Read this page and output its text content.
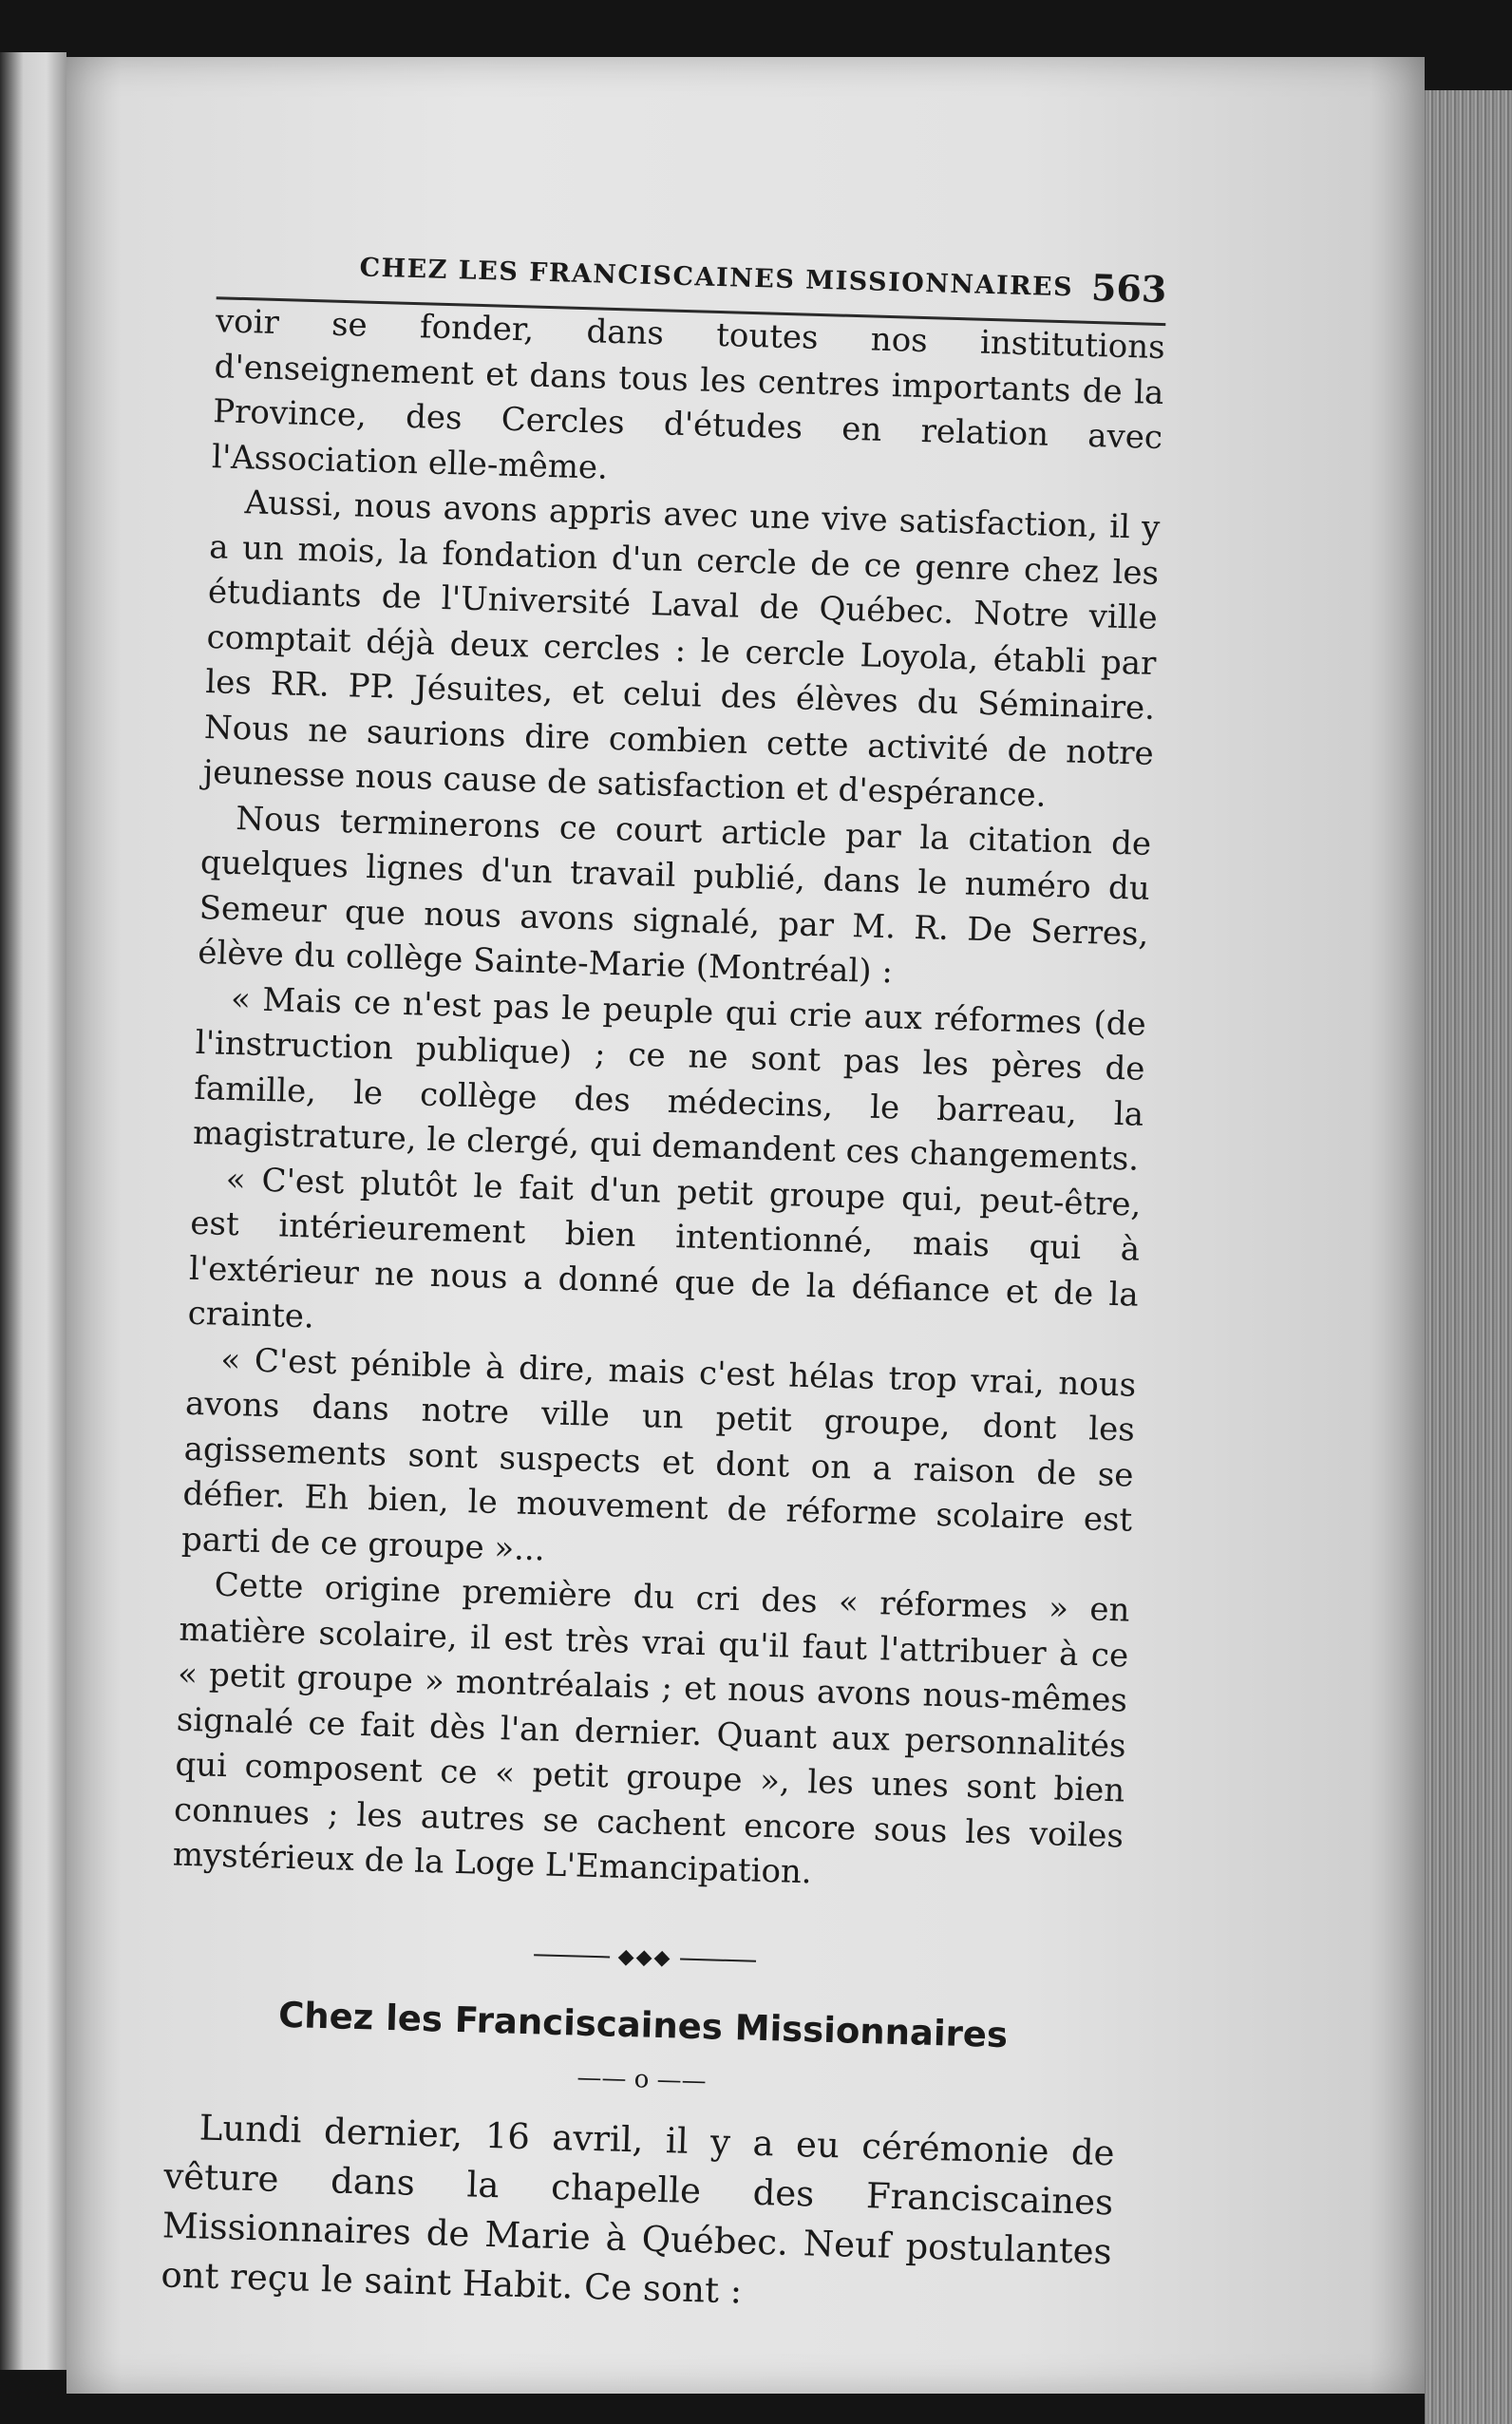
CHEZ LES FRANCISCAINES MISSIONNAIRES 563

voir se fonder, dans toutes nos institutions d'enseignement et dans tous les centres importants de la Province, des Cercles d'études en relation avec l'Association elle-même.

Aussi, nous avons appris avec une vive satisfaction, il y a un mois, la fondation d'un cercle de ce genre chez les étudiants de l'Université Laval de Québec. Notre ville comptait déjà deux cercles : le cercle Loyola, établi par les RR. PP. Jésuites, et celui des élèves du Séminaire. Nous ne saurions dire combien cette activité de notre jeunesse nous cause de satisfaction et d'espérance.

Nous terminerons ce court article par la citation de quelques lignes d'un travail publié, dans le numéro du Semeur que nous avons signalé, par M. R. De Serres, élève du collège Sainte-Marie (Montréal) :

« Mais ce n'est pas le peuple qui crie aux réformes (de l'instruction publique) ; ce ne sont pas les pères de famille, le collège des médecins, le barreau, la magistrature, le clergé, qui demandent ces changements.

« C'est plutôt le fait d'un petit groupe qui, peut-être, est intérieurement bien intentionné, mais qui à l'extérieur ne nous a donné que de la défiance et de la crainte.

« C'est pénible à dire, mais c'est hélas trop vrai, nous avons dans notre ville un petit groupe, dont les agissements sont suspects et dont on a raison de se défier. Eh bien, le mouvement de réforme scolaire est parti de ce groupe »...

Cette origine première du cri des « réformes » en matière scolaire, il est très vrai qu'il faut l'attribuer à ce « petit groupe » montréalais ; et nous avons nous-mêmes signalé ce fait dès l'an dernier. Quant aux personnalités qui composent ce « petit groupe », les unes sont bien connues ; les autres se cachent encore sous les voiles mystérieux de la Loge L'Emancipation.

◆◆◆
Chez les Franciscaines Missionnaires
—— o ——

Lundi dernier, 16 avril, il y a eu cérémonie de vêture dans la chapelle des Franciscaines Missionnaires de Marie à Québec. Neuf postulantes ont reçu le saint Habit. Ce sont :
